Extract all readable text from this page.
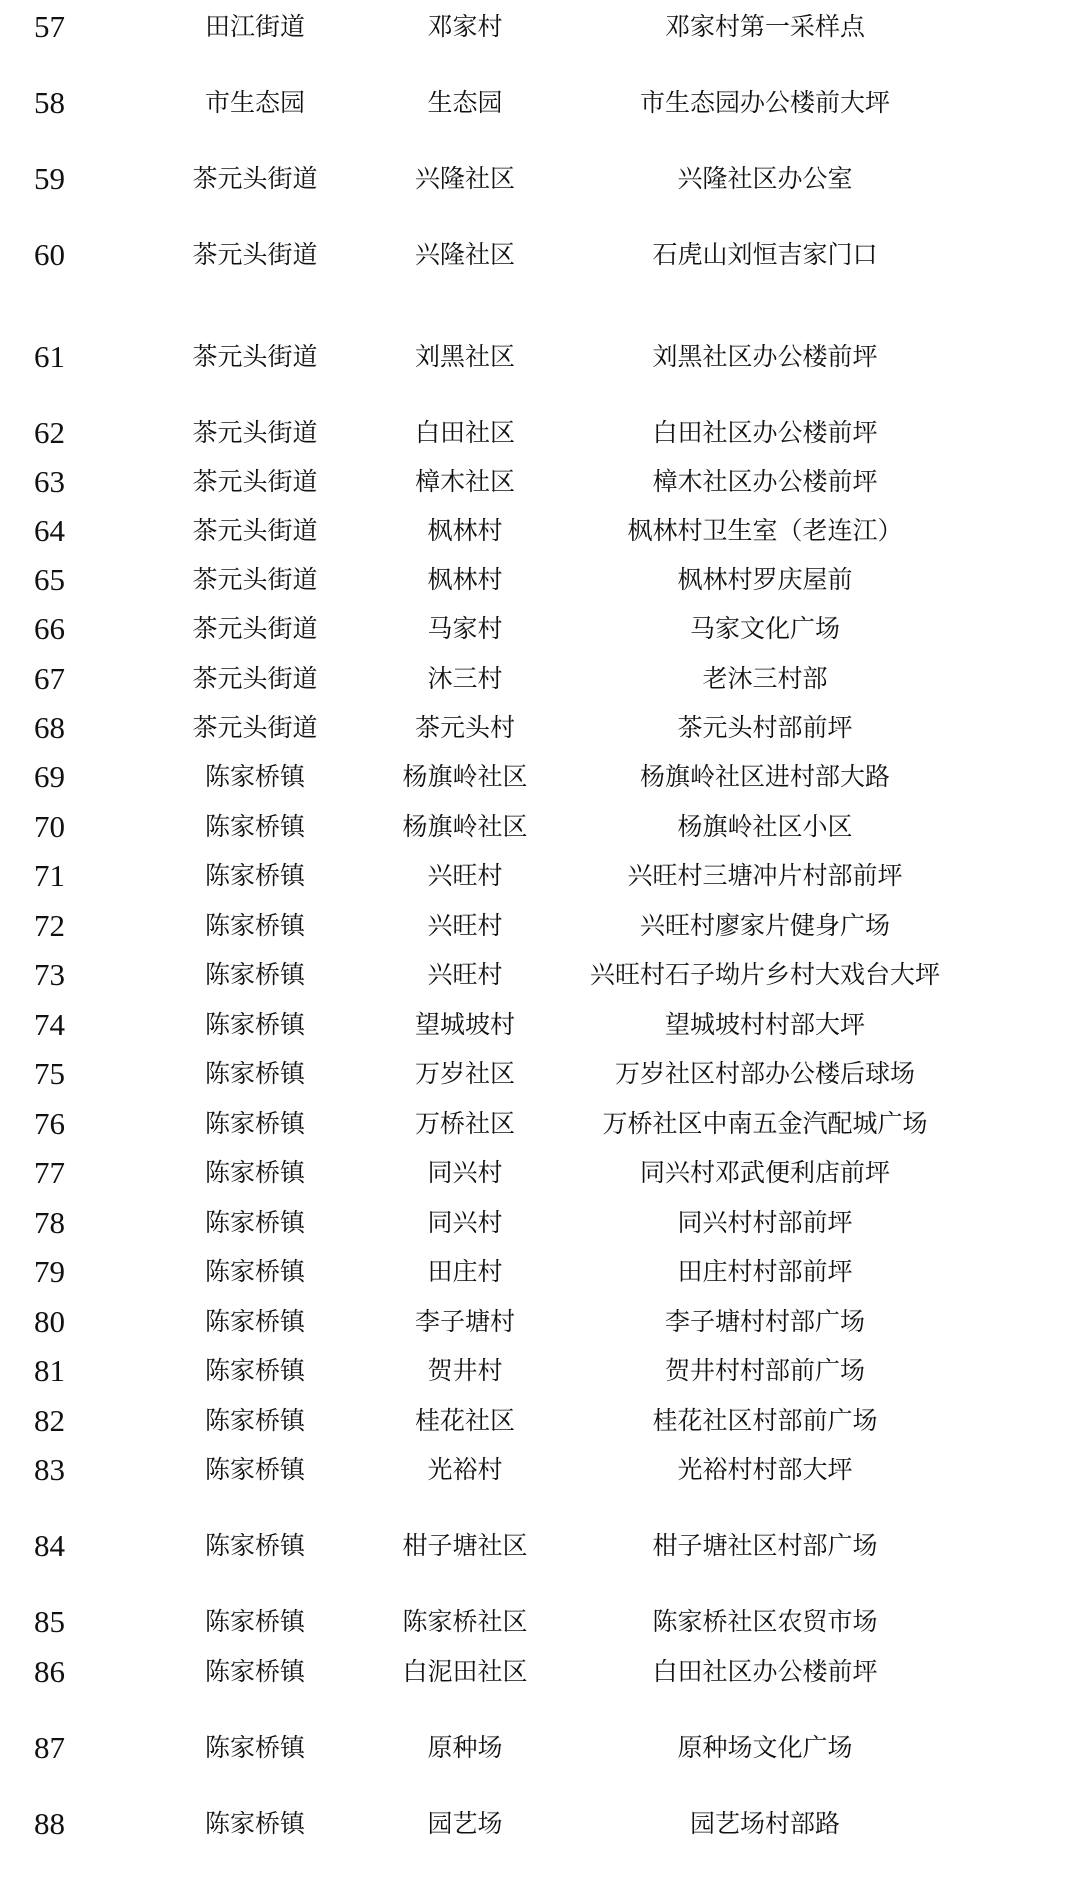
57	田江街道	邓家村	邓家村第一采样点
58	市生态园	生态园	市生态园办公楼前大坪
59	茶元头街道	兴隆社区	兴隆社区办公室
60	茶元头街道	兴隆社区	石虎山刘恒吉家门口
61	茶元头街道	刘黑社区	刘黑社区办公楼前坪
62	茶元头街道	白田社区	白田社区办公楼前坪
63	茶元头街道	樟木社区	樟木社区办公楼前坪
64	茶元头街道	枫林村	枫林村卫生室（老连江）
65	茶元头街道	枫林村	枫林村罗庆屋前
66	茶元头街道	马家村	马家文化广场
67	茶元头街道	沐三村	老沐三村部
68	茶元头街道	茶元头村	茶元头村部前坪
69	陈家桥镇	杨旗岭社区	杨旗岭社区进村部大路
70	陈家桥镇	杨旗岭社区	杨旗岭社区小区
71	陈家桥镇	兴旺村	兴旺村三塘冲片村部前坪
72	陈家桥镇	兴旺村	兴旺村廖家片健身广场
73	陈家桥镇	兴旺村	兴旺村石子坳片乡村大戏台大坪
74	陈家桥镇	望城坡村	望城坡村村部大坪
75	陈家桥镇	万岁社区	万岁社区村部办公楼后球场
76	陈家桥镇	万桥社区	万桥社区中南五金汽配城广场
77	陈家桥镇	同兴村	同兴村邓武便利店前坪
78	陈家桥镇	同兴村	同兴村村部前坪
79	陈家桥镇	田庄村	田庄村村部前坪
80	陈家桥镇	李子塘村	李子塘村村部广场
81	陈家桥镇	贺井村	贺井村村部前广场
82	陈家桥镇	桂花社区	桂花社区村部前广场
83	陈家桥镇	光裕村	光裕村村部大坪
84	陈家桥镇	柑子塘社区	柑子塘社区村部广场
85	陈家桥镇	陈家桥社区	陈家桥社区农贸市场
86	陈家桥镇	白泥田社区	白田社区办公楼前坪
87	陈家桥镇	原种场	原种场文化广场
88	陈家桥镇	园艺场	园艺场村部路
